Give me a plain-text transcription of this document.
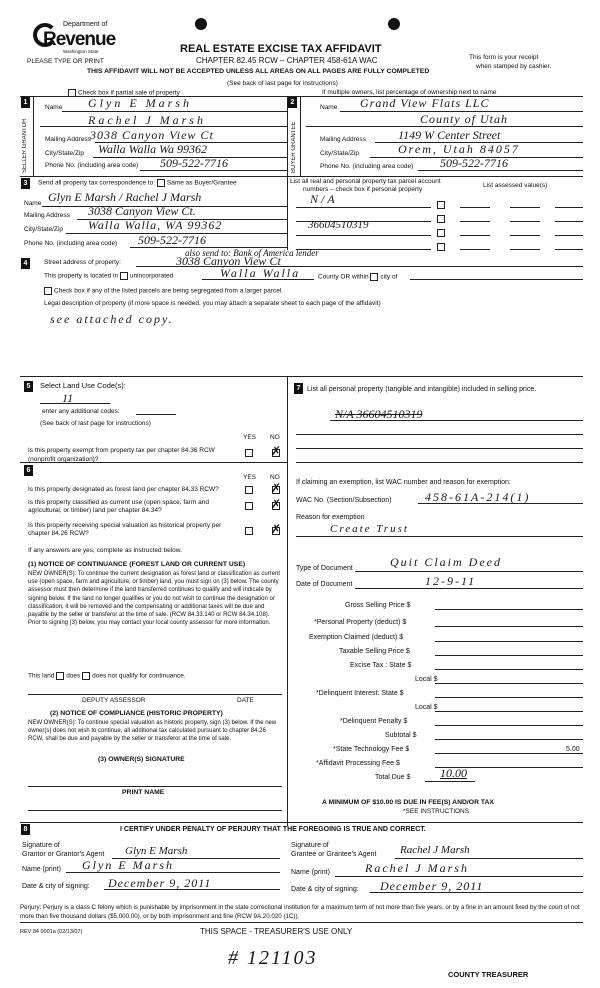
Department of
Revenue
Washington State
PLEASE TYPE OR PRINT
REAL ESTATE EXCISE TAX AFFIDAVIT
CHAPTER 82.45 RCW – CHAPTER 458-61A WAC
THIS AFFIDAVIT WILL NOT BE ACCEPTED UNLESS ALL AREAS ON ALL PAGES ARE FULLY COMPLETED
(See back of last page for instructions)
This form is your receipt
when stamped by cashier.
Check box if partial sale of property	If multiple owners, list percentage of ownership next to name
1
SELLER GRANTOR
Name Glyn E Marsh
Rachel J Marsh
Mailing Address 3038 Canyon View Ct
City/State/Zip Walla Walla Wa 99362
Phone No. (including area code) 509-522-7716
2
BUYER GRANTEE
Name Grand View Flats LLC
County of Utah
Mailing Address	1149 W Center Street
City/State/Zip	Orem, Utah 84057
Phone No. (including area code) 509-522-7716
3	Send all property tax correspondence to: Same as Buyer/Grantee
Name Glyn E Marsh / Rachel J Marsh
Mailing Address 3038 Canyon View Ct.
City/State/Zip Walla Walla, WA 99362
Phone No. (including area code) 509-522-7716
List all real and personal property tax parcel account
numbers – check box if personal property
List assessed value(s)
N/A
36604510319
4
also send to: Bank of America lender
Street address of property:	3038 Canyon View Ct
This property is located in unincorporated	Walla Walla	County OR within city of
Check box if any of the listed parcels are being segregated from a larger parcel.
Legal description of property (if more space is needed, you may attach a separate sheet to each page of the affidavit)
see attached copy.
5	Select Land Use Code(s):
11
enter any additional codes:
(See back of last page for instructions)
YES NO
Is this property exempt from property tax per chapter 84.36 RCW (nonprofit organization)?
✗
6
YES NO
Is this property designated as forest land per chapter 84.33 RCW?	✗
Is this property classified as current use (open space, farm and agricultural, or timber) land per chapter 84.34?	✗
Is this property receiving special valuation as historical property per chapter 84.26 RCW?	✗
If any answers are yes, complete as instructed below.
(1) NOTICE OF CONTINUANCE (FOREST LAND OR CURRENT USE)
NEW OWNER(S): To continue the current designation as forest land or classification as current use (open space, farm and agriculture, or timber) land, you must sign on (3) below. The county assessor must then determine if the land transferred continues to qualify and will indicate by signing below. If the land no longer qualifies or you do not wish to continue the designation or classification, it will be removed and the compensating or additional taxes will be due and payable by the seller or transferor at the time of sale. (RCW 84.33.140 or RCW 84.34.108). Prior to signing (3) below, you may contact your local county assessor for more information.
This land does does not qualify for continuance.
DEPUTY ASSESSOR	DATE
(2) NOTICE OF COMPLIANCE (HISTORIC PROPERTY)
NEW OWNER(S): To continue special valuation as historic property, sign (3) below. If the new owner(s) does not wish to continue, all additional tax calculated pursuant to chapter 84.26 RCW, shall be due and payable by the seller or transferor at the time of sale.
(3) OWNER(S) SIGNATURE
PRINT NAME
7 List all personal property (tangible and intangible) included in selling price.
N/A 36604510319
If claiming an exemption, list WAC number and reason for exemption:
WAC No. (Section/Subsection)	458-61A-214(1)
Reason for exemption
Create Trust
Type of Document	Quit Claim Deed
Date of Document	12-9-11
Gross Selling Price $
*Personal Property (deduct) $
Exemption Claimed (deduct) $
Taxable Selling Price $
Excise Tax : State $
Local $
*Delinquent Interest: State $
Local $
*Delinquent Penalty $
Subtotal $
*State Technology Fee $	5.00
*Affidavit Processing Fee $
Total Due $ 10.00
A MINIMUM OF $10.00 IS DUE IN FEE(S) AND/OR TAX
*SEE INSTRUCTIONS
8	I CERTIFY UNDER PENALTY OF PERJURY THAT THE FOREGOING IS TRUE AND CORRECT.
Signature of
Grantor or Grantor's Agent Glyn E Marsh
Name (print) Glyn E Marsh
Date & city of signing: December 9, 2011
Signature of
Grantee or Grantee's Agent Rachel J Marsh
Name (print)	Rachel J Marsh
Date & city of signing: December 9, 2011
Perjury: Perjury is a class C felony which is punishable by imprisonment in the state correctional institution for a maximum term of not more than five years, or by a fine in an amount fixed by the court of not more than five thousand dollars ($5,000.00), or by both imprisonment and fine (RCW 9A.20.020 (1C)).
REV 84 0001a (02/13/07)	THIS SPACE - TREASURER'S USE ONLY
# 121103
COUNTY TREASURER
